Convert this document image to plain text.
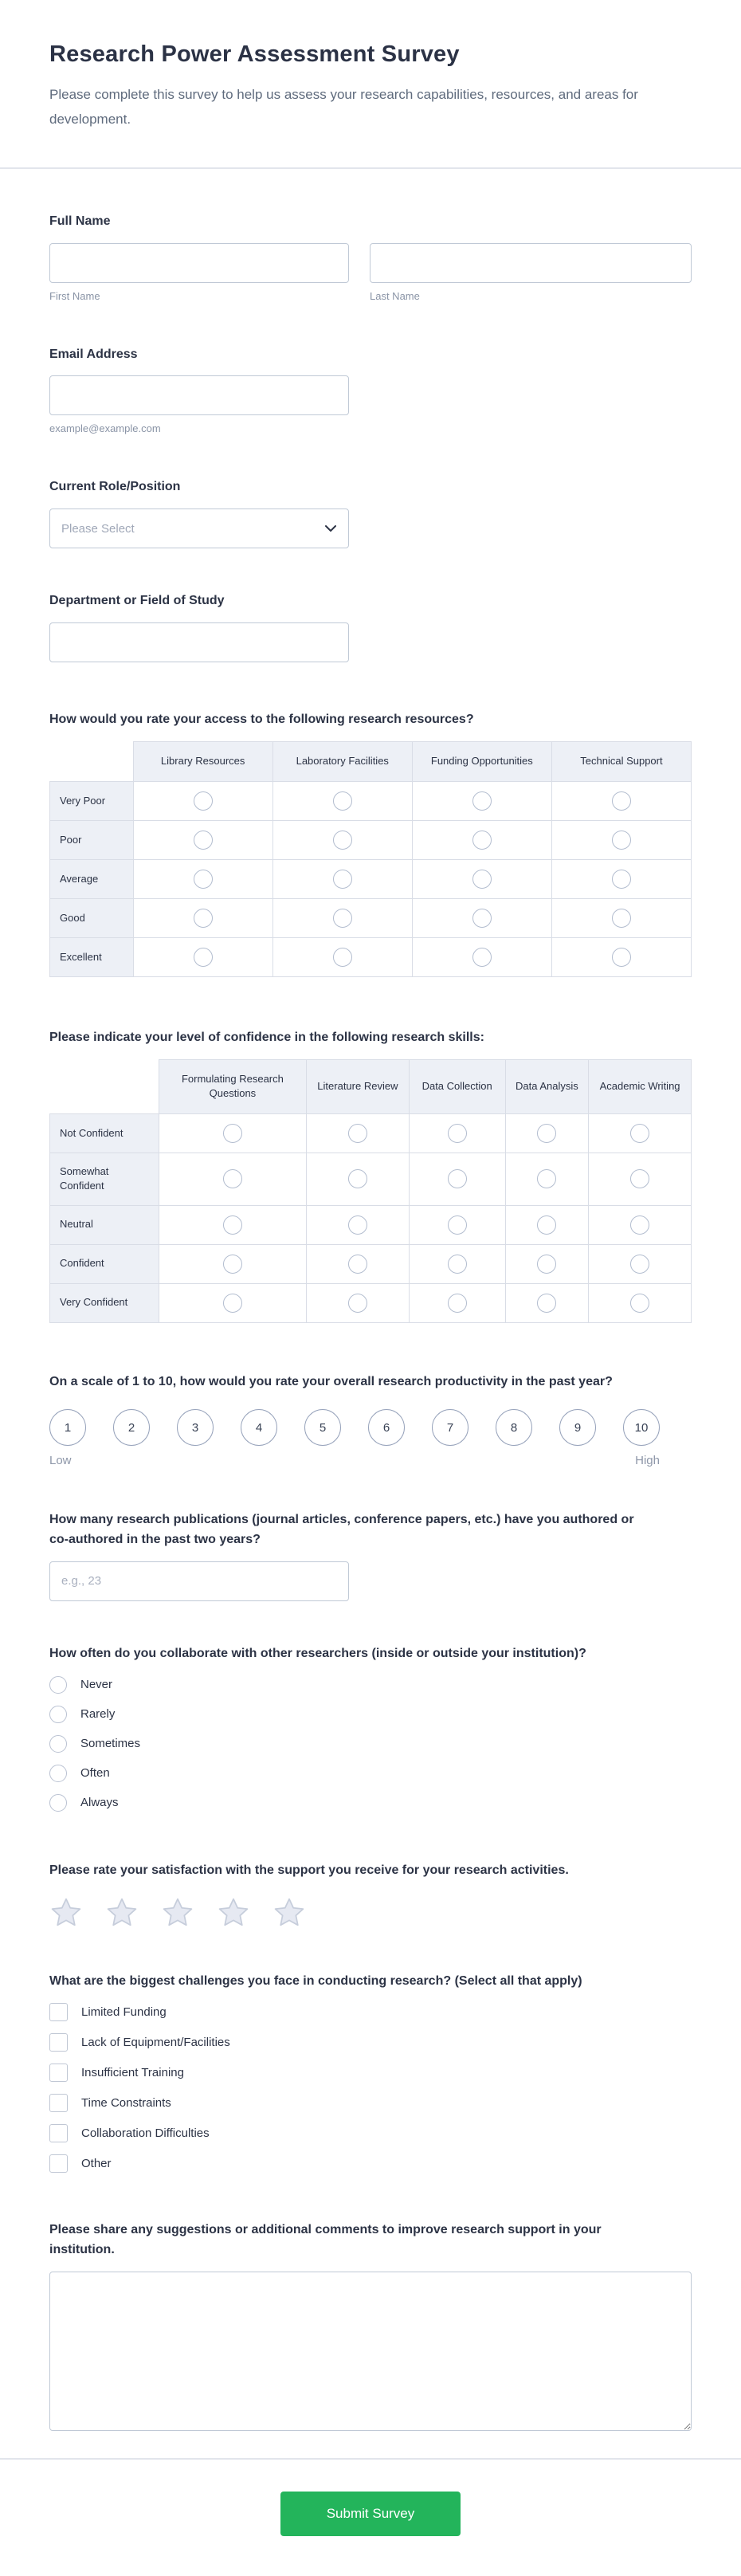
Research Power Assessment Survey
Please complete this survey to help us assess your research capabilities, resources, and areas for development.
Full Name
First Name	Last Name
Email Address
example@example.com
Current Role/Position
Please Select
Department or Field of Study
How would you rate your access to the following research resources?
	Library Resources	Laboratory Facilities	Funding Opportunities	Technical Support
Very Poor				
Poor				
Average				
Good				
Excellent				
Please indicate your level of confidence in the following research skills:
	Formulating Research Questions	Literature Review	Data Collection	Data Analysis	Academic Writing
Not Confident					
Somewhat Confident					
Neutral					
Confident					
Very Confident					
On a scale of 1 to 10, how would you rate your overall research productivity in the past year?
1	2	3	4	5	6	7	8	9	10
Low	High
How many research publications (journal articles, conference papers, etc.) have you authored or co-authored in the past two years?
e.g., 23
How often do you collaborate with other researchers (inside or outside your institution)?
Never
Rarely
Sometimes
Often
Always
Please rate your satisfaction with the support you receive for your research activities.
What are the biggest challenges you face in conducting research? (Select all that apply)
Limited Funding
Lack of Equipment/Facilities
Insufficient Training
Time Constraints
Collaboration Difficulties
Other
Please share any suggestions or additional comments to improve research support in your institution.
Submit Survey
